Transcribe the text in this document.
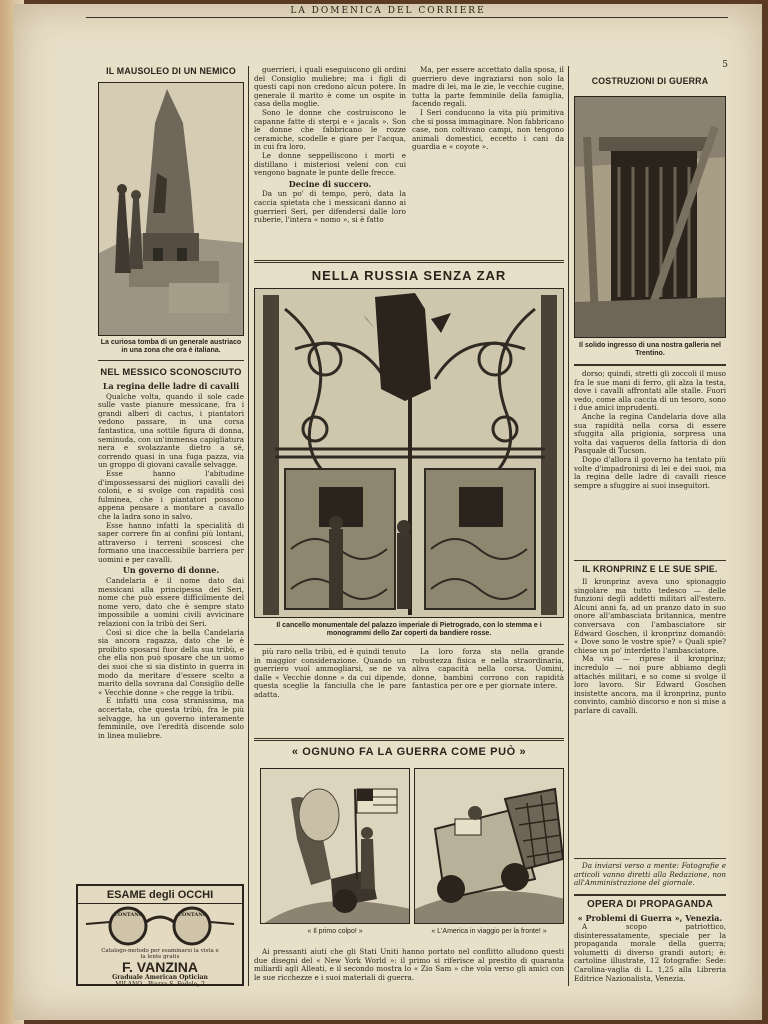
LA DOMENICA DEL CORRIERE
5
IL MAUSOLEO DI UN NEMICO
La curiosa tomba di un generale austriaco in una zona che ora è italiana.
NEL MESSICO SCONOSCIUTO
La regina delle ladre di cavalli

Qualche volta, quando il sole cade sulle vaste pianure messicane, fra i grandi alberi di cactus, i piantatori vedono passare, in una corsa fantastica, una sottile figura di donna, seminuda, con un'immensa capigliatura nera e svolazzante dietro a sé, correndo quasi in una fuga pazza, via un groppo di giovani cavalle selvagge.

Esse hanno l'abitudine d'impossessarsi dei migliori cavalli dei coloni, e si svolge con rapidità così fulminea, che i piantatori possono appena pensare a montare a cavallo che la ladra sono in salvo.

Esse hanno infatti la specialità di saper correre fin ai confini più lontani, attraverso i terreni scoscesi che formano una inaccessibile barriera per uomini e per cavalli.

Un governo di donne.

Candelaria è il nome dato dai messicani alla principessa dei Seri, nome che può essere difficilmente del nome vero, dato che è sempre stato impossibile a uomini civili avvicinare relazioni con la tribù dei Seri.

Così si dice che la bella Candelaria sia ancora ragazza, dato che le è proibito sposarsi fuor della sua tribù, e che ella non può sposare che un uomo dei suoi che si sia distinto in guerra in modo da meritare d'essere scelto a marito della sovrana dal Consiglio delle « Vecchie donne » che regge la tribù.

E infatti una cosa stranissima, ma accertata, che questa tribù, fra le più selvagge, ha un governo interamente femminile, ove l'eredità discende solo in linea muliebre.

ESAME degli OCCHI
CONTANO	CONTANO
Catalogo-metodo per esaminarsi la vista e la lente gratis
F. VANZINA
Graduale American Optician
MILANO - Piazza S. Fedele, 2

guerrieri, i quali eseguiscono gli ordini del Consiglio muliebre; ma i figli di questi capi non credono alcun potere. In generale il marito è come un ospite in casa della moglie.

Sono le donne che costruiscono le capanne fatte di sterpi e « jacals ». Son le donne che fabbricano le rozze ceramiche, scodelle e giare per l'acqua, in cui fra loro.

Le donne seppelliscono i morti e distillano i misteriosi veleni con cui vengono bagnate le punte delle frecce.

Decine di succero.

Da un po' di tempo, però, data la caccia spietata che i messicani danno ai guerrieri Seri, per difendersi dalle loro ruberie, l'intera « nomo », si è fatto

Ma, per essere accettato dalla sposa, il guerriero deve ingraziarsi non solo la madre di lei, ma le zie, le vecchie cugine, tutta la parte femminile della famiglia, facendo regali.

I Seri conducono la vita più primitiva che si possa immaginare. Non fabbricano case, non coltivano campi, non tengono animali domestici, eccetto i cani da guardia e « coyote ».

NELLA RUSSIA SENZA ZAR
Il cancello monumentale del palazzo imperiale di Pietrogrado, con lo stemma e i monogrammi dello Zar coperti da bandiere rosse.

più raro nella tribù, ed è quindi tenuto in maggior considerazione. Quando un guerriero vuol ammogliarsi, se ne va dalle « Vecchie donne » da cui dipende, questa sceglie la fanciulla che le pare adatta.

La loro forza sta nella grande robustezza fisica e nella straordinaria, aliva capacità nella corsa. Uomini, donne, bambini corrono con rapidità fantastica per ore e per giornate intere.

« OGNUNO FA LA GUERRA COME PUÒ »
« Il primo colpo! »	« L'America in viaggio per la fronte! »

Ai pressanti aiuti che gli Stati Uniti hanno portato nel conflitto alludono questi due disegni del « New York World »: il primo si riferisce al prestito di quaranta miliardi agli Alleati, e il secondo mostra lo « Zio Sam » che vola verso gli amici con le sue ricchezze e i suoi materiali di guerra.

COSTRUZIONI DI GUERRA
Il solido ingresso di una nostra galleria nel Trentino.

dorso; quindi, stretti gli zoccoli il muso fra le sue mani di ferro, gli alza la testa, dove i cavalli affrontati alle stalle. Fuori vedo, come alla caccia di un tesoro, sono i due amici imprudenti.

Anche la regina Candelaria dove alla sua rapidità nella corsa di essere sfuggita alla prigionia, sorpresa una volta dai vaqueros della fattoria di don Pasquale di Tucson.

Dopo d'allora il governo ha tentato più volte d'impadronirsi di lei e dei suoi, ma la regina delle ladre di cavalli riesce sempre a sfuggire ai suoi inseguitori.

IL KRONPRINZ E LE SUE SPIE.

Il kronprinz aveva uno spionaggio singolare ma tutto tedesco — delle funzioni degli addetti militari all'estero. Alcuni anni fa, ad un pranzo dato in suo onore all'ambasciata britannica, mentre conversava con l'ambasciatore sir Edward Goschen, il kronprinz domandò: « Dove sono le vostre spie? » Quali spie? chiese un po' interdetto l'ambasciatore.

Ma via — riprese il kronprinz; incredulo — noi pure abbiamo degli attachés militari, e so come si svolge il loro lavoro. Sir Edward Goschen insistette ancora, ma il kronprinz, punto convinto, cambiò discorso e non si mise a parlare di cavalli.

Da inviarsi verso a mente: Fotografie e articoli vanno diretti alla Redazione, non all'Amministrazione del giornale.

OPERA DI PROPAGANDA
« Problemi di Guerra », Venezia.

A scopo patriottico, disinteressatamente, speciale per la propaganda morale della guerra; volumetti di diverso grandi autori; è: cartoline illustrate, 12 fotografie: Sede: Carolina-vaglia di L. 1,25 alla Libreria Editrice Nazionalista, Venezia.
